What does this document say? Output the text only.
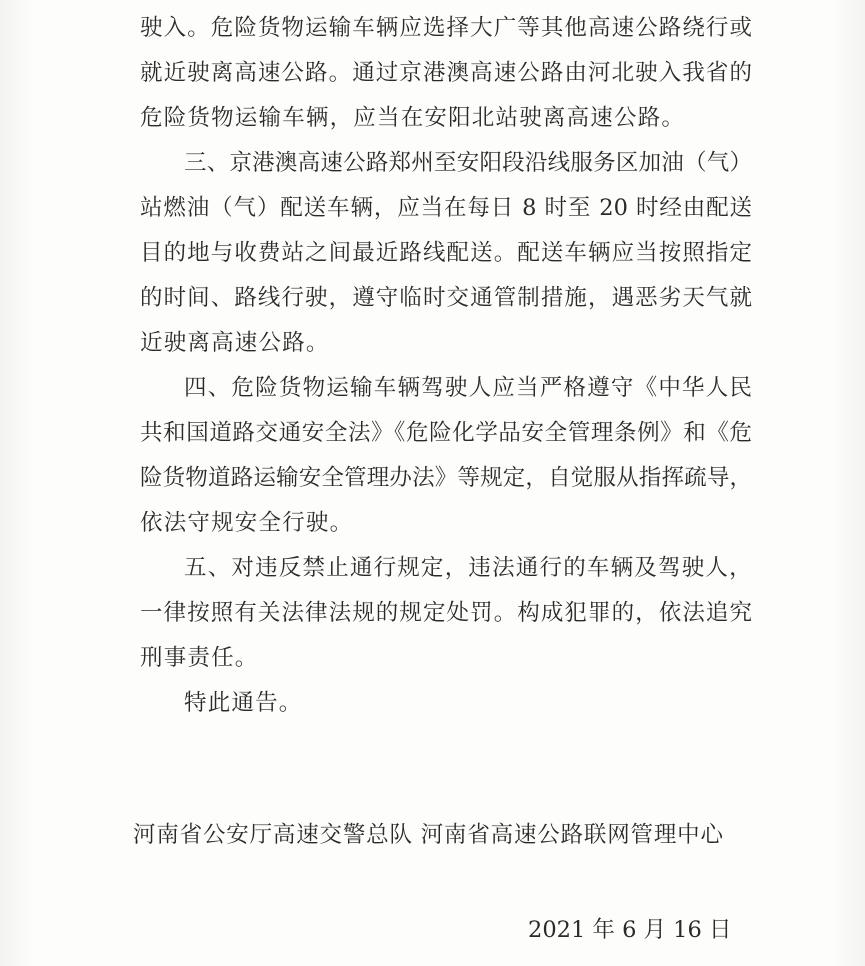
驶入。危险货物运输车辆应选择大广等其他高速公路绕行或
就近驶离高速公路。通过京港澳高速公路由河北驶入我省的
危险货物运输车辆，应当在安阳北站驶离高速公路。
三、京港澳高速公路郑州至安阳段沿线服务区加油（气）
站燃油（气）配送车辆，应当在每日 8 时至 20 时经由配送
目的地与收费站之间最近路线配送。配送车辆应当按照指定
的时间、路线行驶，遵守临时交通管制措施，遇恶劣天气就
近驶离高速公路。
四、危险货物运输车辆驾驶人应当严格遵守《中华人民
共和国道路交通安全法》《危险化学品安全管理条例》和《危
险货物道路运输安全管理办法》等规定，自觉服从指挥疏导，
依法守规安全行驶。
五、对违反禁止通行规定，违法通行的车辆及驾驶人，
一律按照有关法律法规的规定处罚。构成犯罪的，依法追究
刑事责任。
特此通告。
河南省公安厅高速交警总队 河南省高速公路联网管理中心
2021 年 6 月 16 日
